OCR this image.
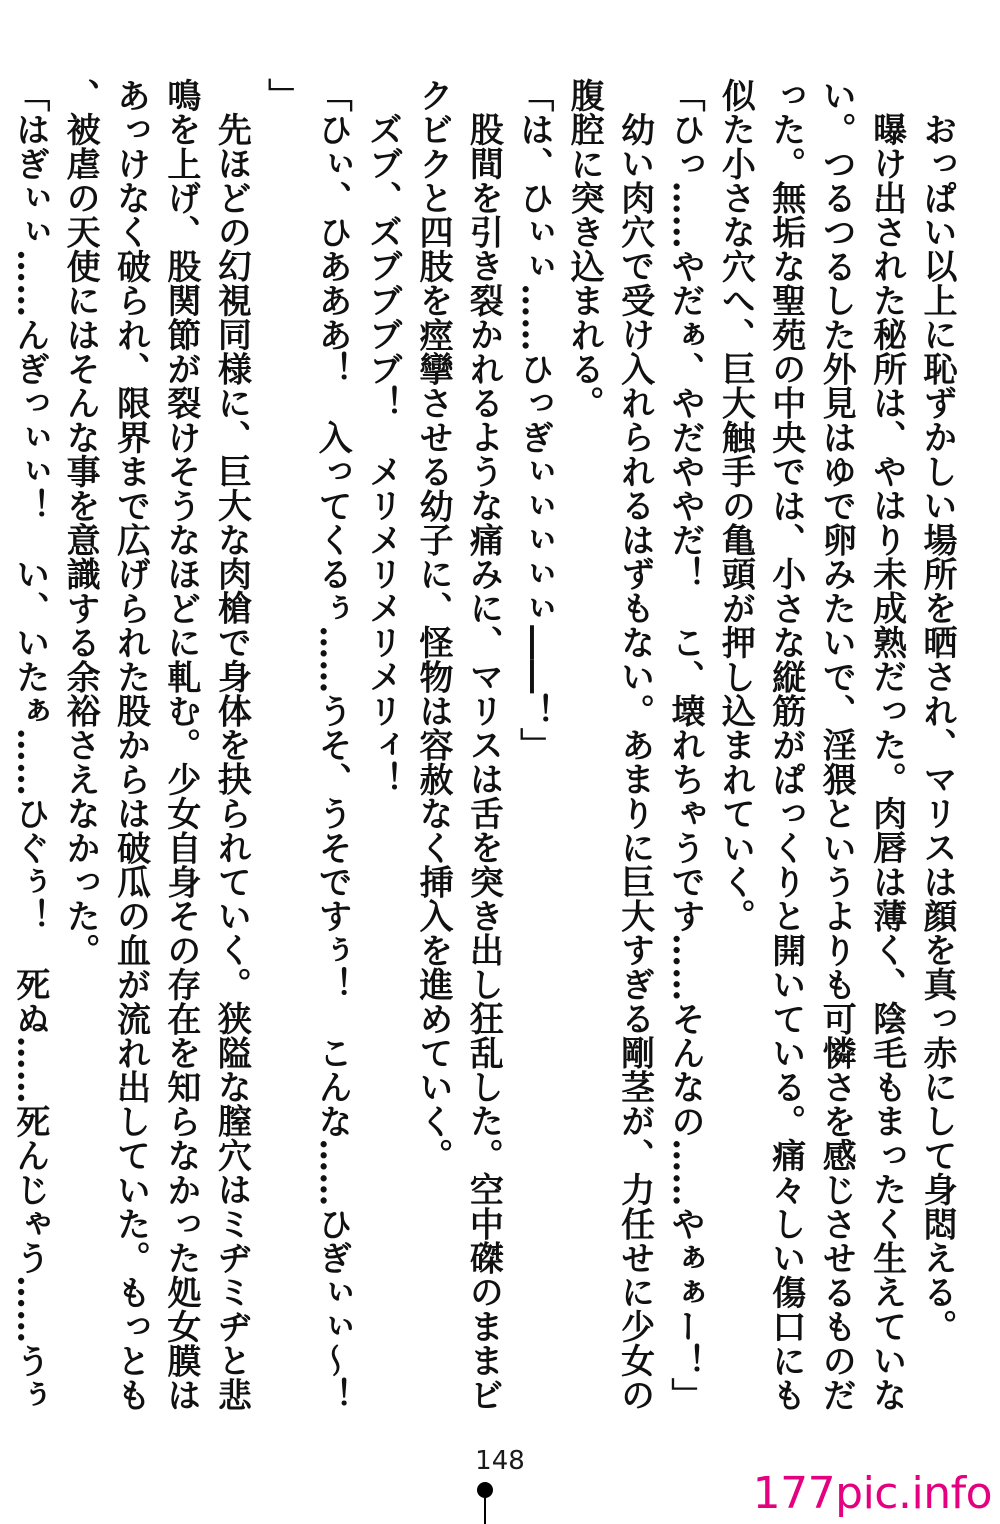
おっぱい以上に恥ずかしい場所を晒され、マリスは顔を真っ赤にして身悶える。

曝け出された秘所は、やはり未成熟だった。肉唇は薄く、陰毛もまったく生えていない。つるつるした外見はゆで卵みたいで、淫猥というよりも可憐さを感じさせるものだった。無垢な聖苑の中央では、小さな縦筋がぱっくりと開いている。痛々しい傷口にも似た小さな穴へ、巨大触手の亀頭が押し込まれていく。

「ひっ……やだぁ、やだややだ！　こ、壊れちゃうです……そんなの……やぁぁー！」

幼い肉穴で受け入れられるはずもない。あまりに巨大すぎる剛茎が、力任せに少女の腹腔に突き込まれる。

「は、ひぃぃ……ひっぎぃぃぃぃぃ――！」

股間を引き裂かれるような痛みに、マリスは舌を突き出し狂乱した。空中磔のままビクビクと四肢を痙攣させる幼子に、怪物は容赦なく挿入を進めていく。

ズブ、ズブブブブ！　メリメリメリメリィ！

「ひぃ、ひあああ！　入ってくるぅ……うそ、うそですぅ！　こんな……ひぎぃぃ～！」

先ほどの幻視同様に、巨大な肉槍で身体を抉られていく。狭隘な膣穴はミヂミヂと悲鳴を上げ、股関節が裂けそうなほどに軋む。少女自身その存在を知らなかった処女膜はあっけなく破られ、限界まで広げられた股からは破瓜の血が流れ出していた。もっとも、被虐の天使にはそんな事を意識する余裕さえなかった。

「はぎぃぃ……んぎっぃぃ！　い、いたぁ……ひぐぅ！　死ぬ……死んじゃう……うぅ

148
177pic.info
